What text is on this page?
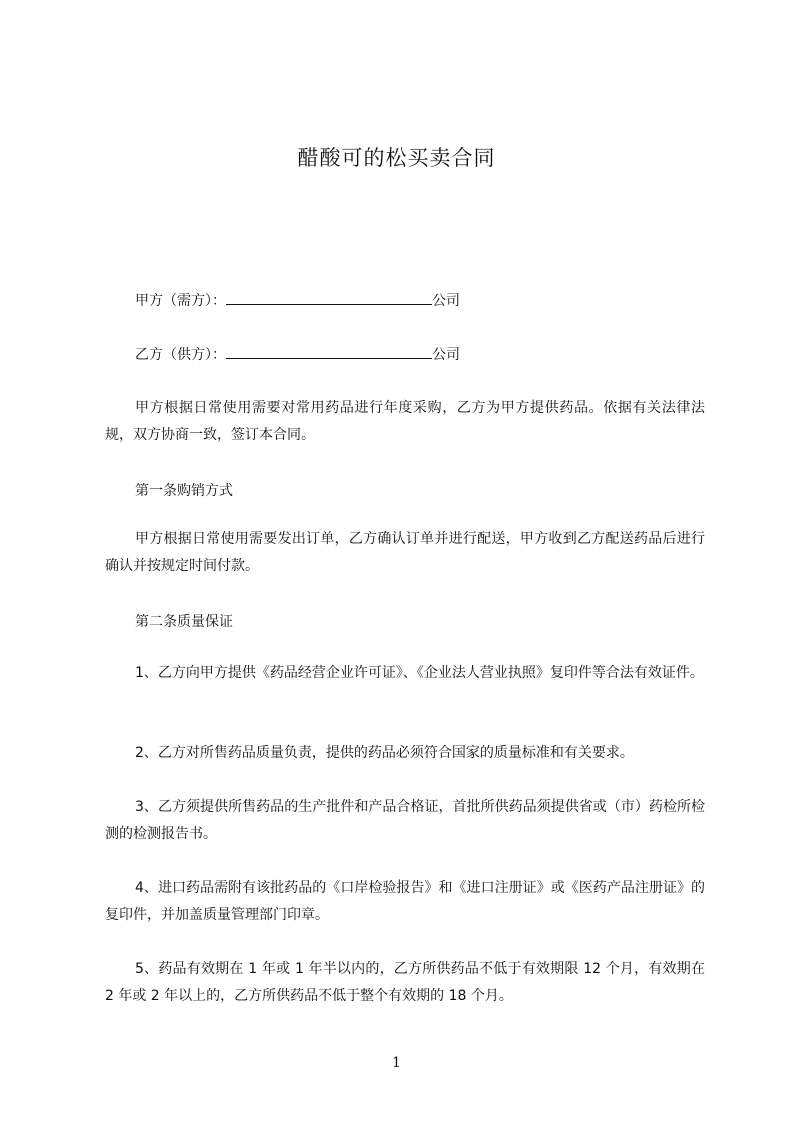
醋酸可的松买卖合同
甲方（需方）：	公司
乙方（供方）：	公司
甲方根据日常使用需要对常用药品进行年度采购，乙方为甲方提供药品。依据有关法律法规，双方协商一致，签订本合同。
第一条购销方式
甲方根据日常使用需要发出订单，乙方确认订单并进行配送，甲方收到乙方配送药品后进行确认并按规定时间付款。
第二条质量保证
1、乙方向甲方提供《药品经营企业许可证》、《企业法人营业执照》复印件等合法有效证件。
2、乙方对所售药品质量负责，提供的药品必须符合国家的质量标准和有关要求。
3、乙方须提供所售药品的生产批件和产品合格证，首批所供药品须提供省或（市）药检所检测的检测报告书。
4、进口药品需附有该批药品的《口岸检验报告》和《进口注册证》或《医药产品注册证》的复印件，并加盖质量管理部门印章。
5、药品有效期在 1 年或 1 年半以内的，乙方所供药品不低于有效期限 12 个月，有效期在 2 年或 2 年以上的，乙方所供药品不低于整个有效期的 18 个月。
1
